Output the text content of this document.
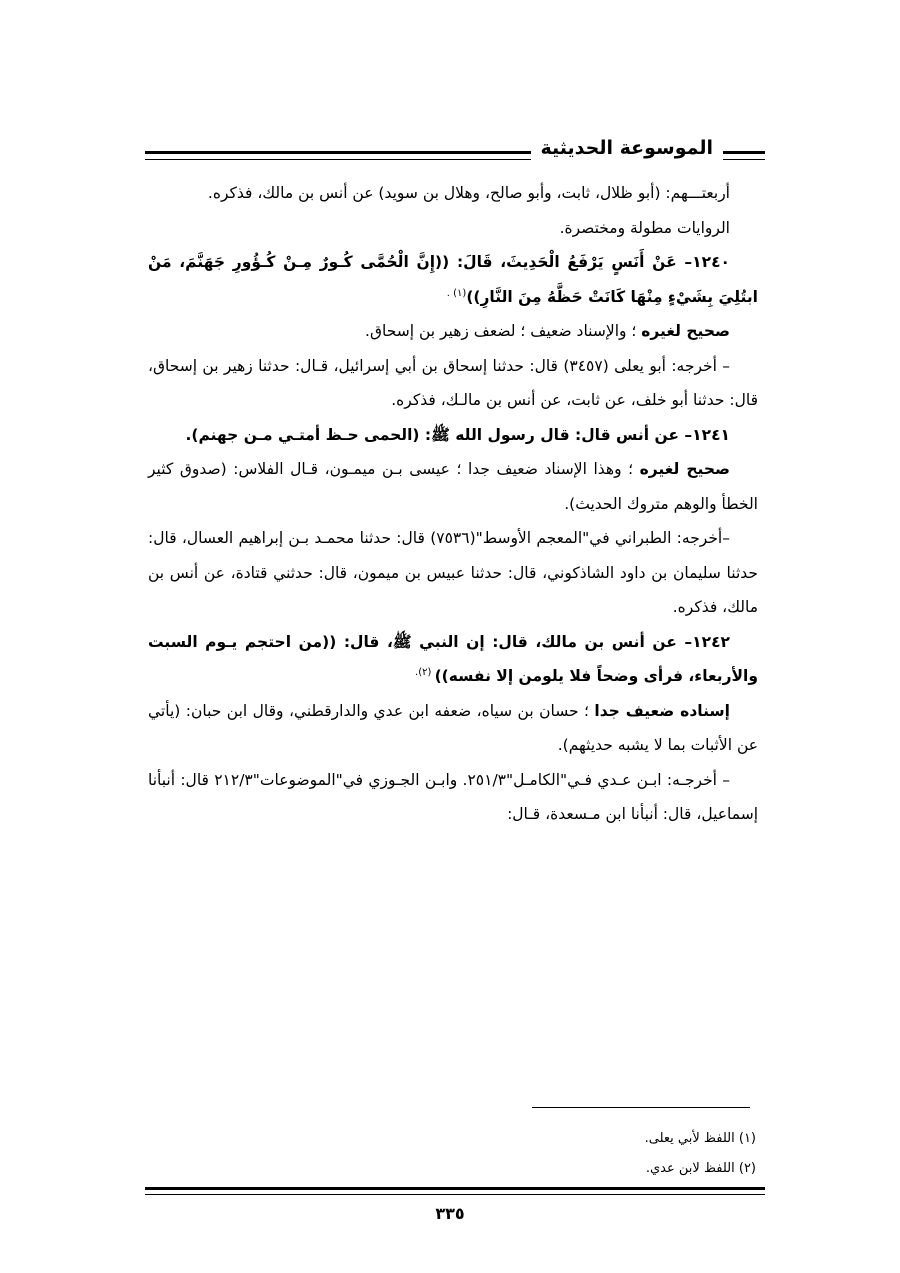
الموسوعة الحديثية

أربعتـــهم: (أبو ظلال، ثابت، وأبو صالح، وهلال بن سويد) عن أنس بن مالك، فذكره.

الروايات مطولة ومختصرة.

١٢٤٠– عَنْ أَنَسٍ يَرْفَعُ الْحَدِيثَ، قَالَ: ((إِنَّ الْحُمَّى كُـورٌ مِـنْ كُـؤُورِ جَهَنَّمَ، مَنْ ابتُلِيَ بِشَيْءٍ مِنْهَا كَانَتْ حَظَّهُ مِنَ النَّارِ))$^{(١) .}$

صحيح لغيره ؛ والإسناد ضعيف ؛ لضعف زهير بن إسحاق.

– أخرجه: أبو يعلى (٣٤٥٧) قال: حدثنا إسحاق بن أبي إسرائيل، قـال: حدثنا زهير بن إسحاق، قال: حدثنا أبو خلف، عن ثابت، عن أنس بن مالـك، فذكره.

١٢٤١– عن أنس قال: قال رسول الله ﷺ: (الحمى حـظ أمتـي مـن جهنم).

صحيح لغيره ؛ وهذا الإسناد ضعيف جدا ؛ عيسى بـن ميمـون، قـال الفلاس: (صدوق كثير الخطأ والوهم متروك الحديث).

–أخرجه: الطبراني في"المعجم الأوسط"(٧٥٣٦) قال: حدثنا محمـد بـن إبراهيم العسال، قال: حدثنا سليمان بن داود الشاذكوني، قال: حدثنا عبيس بن ميمون، قال: حدثني قتادة، عن أنس بن مالك، فذكره.

١٢٤٢– عن أنس بن مالك، قال: إن النبي ﷺ، قال: ((من احتجم يـوم السبت والأربعاء، فرأى وضحاً فلا يلومن إلا نفسه)) $^{(٢).}$

إسناده ضعيف جدا ؛ حسان بن سياه، ضعفه ابن عدي والدارقطني، وقال ابن حبان: (يأتي عن الأثبات بما لا يشبه حديثهم).

– أخرجـه: ابـن عـدي فـي"الكامـل"٢٥١/٣. وابـن الجـوزي في"الموضوعات"٢١٢/٣ قال: أنبأنا إسماعيل، قال: أنبأنا ابن مـسعدة، قـال:

(١) اللفظ لأبي يعلى.

(٢) اللفظ لابن عدي.

٣٣٥
